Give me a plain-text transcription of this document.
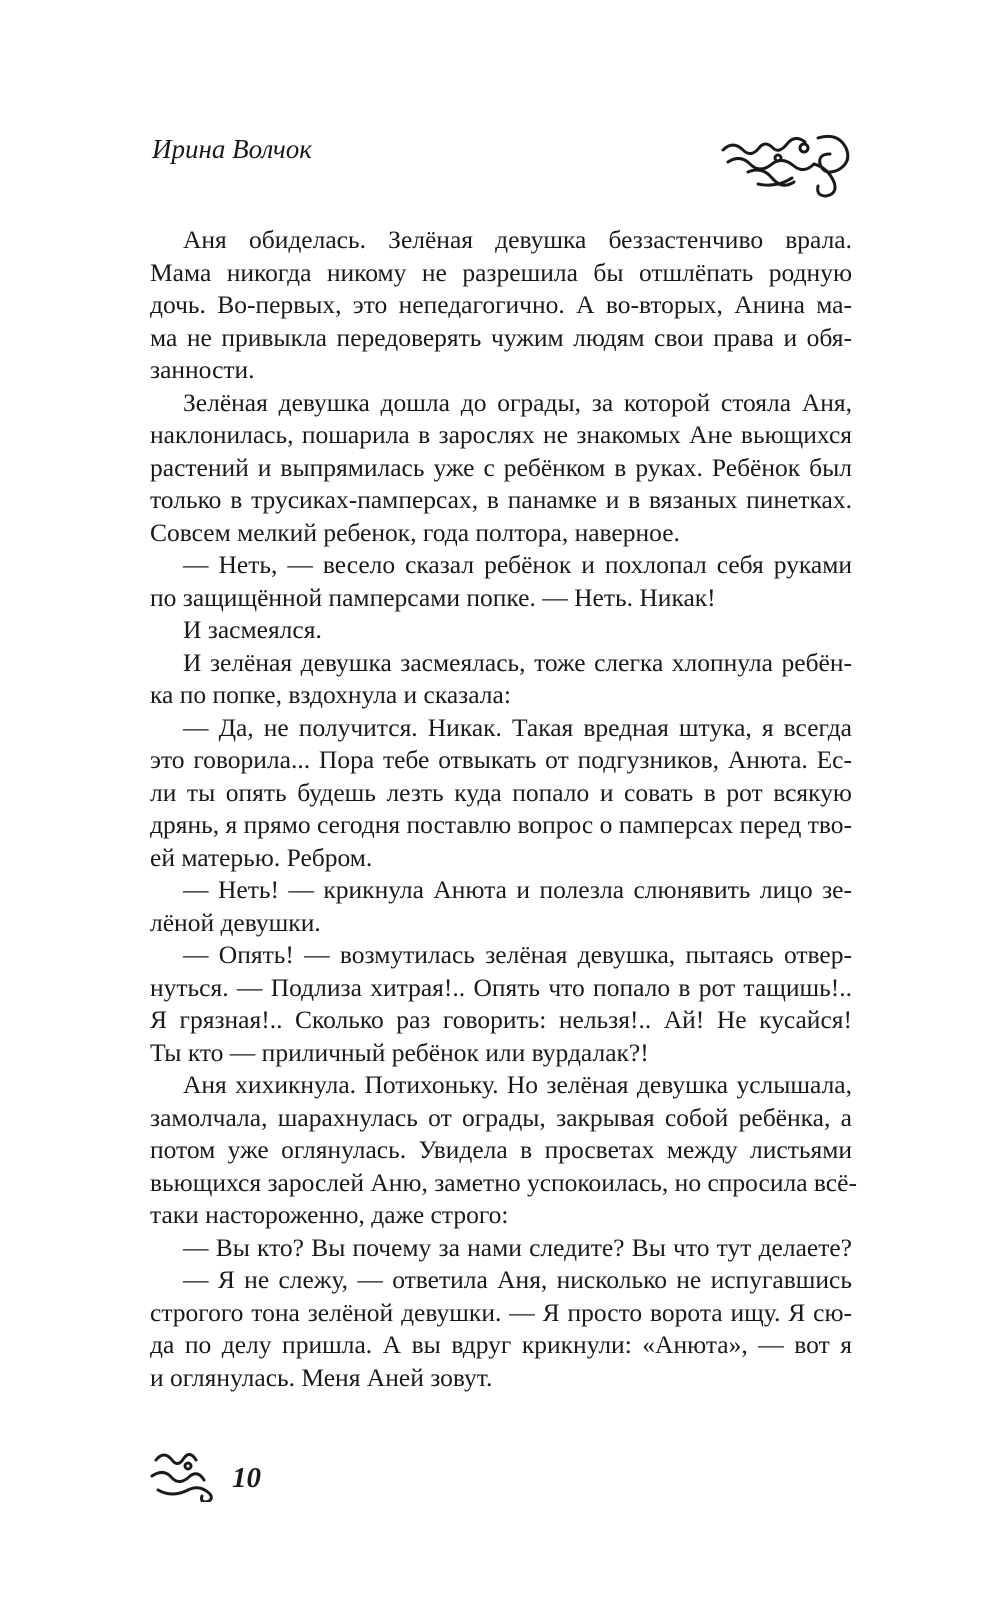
Ирина Волчок
Аня обиделась. Зелёная девушка беззастенчиво врала.
Мама никогда никому не разрешила бы отшлёпать родную
дочь. Во-первых, это непедагогично. А во-вторых, Анина ма-
ма не привыкла передоверять чужим людям свои права и обя-
занности.
Зелёная девушка дошла до ограды, за которой стояла Аня,
наклонилась, пошарила в зарослях не знакомых Ане вьющихся
растений и выпрямилась уже с ребёнком в руках. Ребёнок был
только в трусиках-памперсах, в панамке и в вязаных пинетках.
Совсем мелкий ребенок, года полтора, наверное.
— Неть, — весело сказал ребёнок и похлопал себя руками
по защищённой памперсами попке. — Неть. Никак!
И засмеялся.
И зелёная девушка засмеялась, тоже слегка хлопнула ребён-
ка по попке, вздохнула и сказала:
— Да, не получится. Никак. Такая вредная штука, я всегда
это говорила... Пора тебе отвыкать от подгузников, Анюта. Ес-
ли ты опять будешь лезть куда попало и совать в рот всякую
дрянь, я прямо сегодня поставлю вопрос о памперсах перед тво-
ей матерью. Ребром.
— Неть! — крикнула Анюта и полезла слюнявить лицо зе-
лёной девушки.
— Опять! — возмутилась зелёная девушка, пытаясь отвер-
нуться. — Подлиза хитрая!.. Опять что попало в рот тащишь!..
Я грязная!.. Сколько раз говорить: нельзя!.. Ай! Не кусайся!
Ты кто — приличный ребёнок или вурдалак?!
Аня хихикнула. Потихоньку. Но зелёная девушка услышала,
замолчала, шарахнулась от ограды, закрывая собой ребёнка, а
потом уже оглянулась. Увидела в просветах между листьями
вьющихся зарослей Аню, заметно успокоилась, но спросила всё-
таки настороженно, даже строго:
— Вы кто? Вы почему за нами следите? Вы что тут делаете?
— Я не слежу, — ответила Аня, нисколько не испугавшись
строгого тона зелёной девушки. — Я просто ворота ищу. Я сю-
да по делу пришла. А вы вдруг крикнули: «Анюта», — вот я
и оглянулась. Меня Аней зовут.
10
